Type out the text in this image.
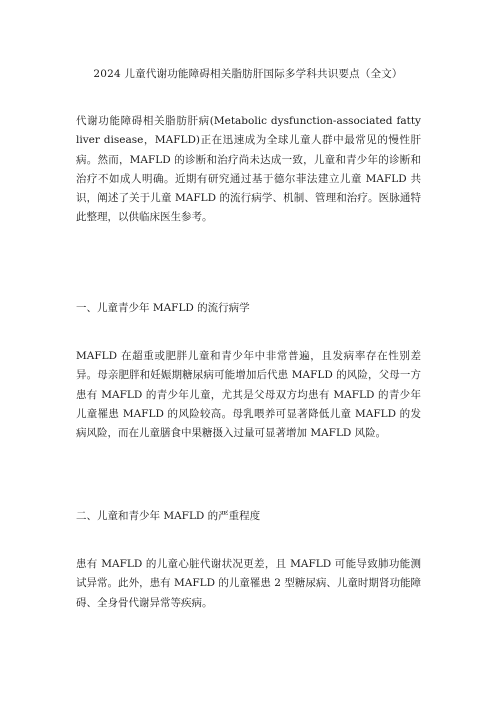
2024 儿童代谢功能障碍相关脂肪肝国际多学科共识要点（全文）

代谢功能障碍相关脂肪肝病(Metabolic dysfunction-associated fatty liver disease，MAFLD)正在迅速成为全球儿童人群中最常见的慢性肝病。然而，MAFLD 的诊断和治疗尚未达成一致，儿童和青少年的诊断和治疗不如成人明确。近期有研究通过基于德尔菲法建立儿童 MAFLD 共识，阐述了关于儿童 MAFLD 的流行病学、机制、管理和治疗。医脉通特此整理，以供临床医生参考。

一、儿童青少年 MAFLD 的流行病学

MAFLD 在超重或肥胖儿童和青少年中非常普遍，且发病率存在性别差异。母亲肥胖和妊娠期糖尿病可能增加后代患 MAFLD 的风险，父母一方患有 MAFLD 的青少年儿童，尤其是父母双方均患有 MAFLD 的青少年儿童罹患 MAFLD 的风险较高。母乳喂养可显著降低儿童 MAFLD 的发病风险，而在儿童膳食中果糖摄入过量可显著增加 MAFLD 风险。

二、儿童和青少年 MAFLD 的严重程度

患有 MAFLD 的儿童心脏代谢状况更差，且 MAFLD 可能导致肺功能测试异常。此外，患有 MAFLD 的儿童罹患 2 型糖尿病、儿童时期肾功能障碍、全身骨代谢异常等疾病。
